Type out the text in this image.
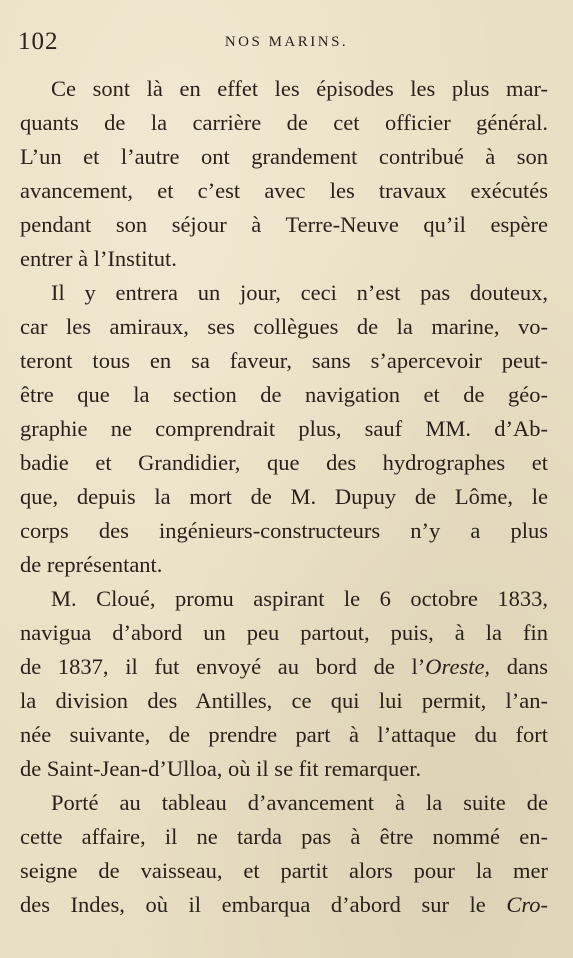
102	NOS MARINS.
Ce sont là en effet les épisodes les plus mar-
quants de la carrière de cet officier général.
L’un et l’autre ont grandement contribué à son
avancement, et c’est avec les travaux exécutés
pendant son séjour à Terre-Neuve qu’il espère
entrer à l’Institut.
Il y entrera un jour, ceci n’est pas douteux,
car les amiraux, ses collègues de la marine, vo-
teront tous en sa faveur, sans s’apercevoir peut-
être que la section de navigation et de géo-
graphie ne comprendrait plus, sauf MM. d’Ab-
badie et Grandidier, que des hydrographes et
que, depuis la mort de M. Dupuy de Lôme, le
corps des ingénieurs-constructeurs n’y a plus
de représentant.
M. Cloué, promu aspirant le 6 octobre 1833,
navigua d’abord un peu partout, puis, à la fin
de 1837, il fut envoyé au bord de l’Oreste, dans
la division des Antilles, ce qui lui permit, l’an-
née suivante, de prendre part à l’attaque du fort
de Saint-Jean-d’Ulloa, où il se fit remarquer.
Porté au tableau d’avancement à la suite de
cette affaire, il ne tarda pas à être nommé en-
seigne de vaisseau, et partit alors pour la mer
des Indes, où il embarqua d’abord sur le Cro-
